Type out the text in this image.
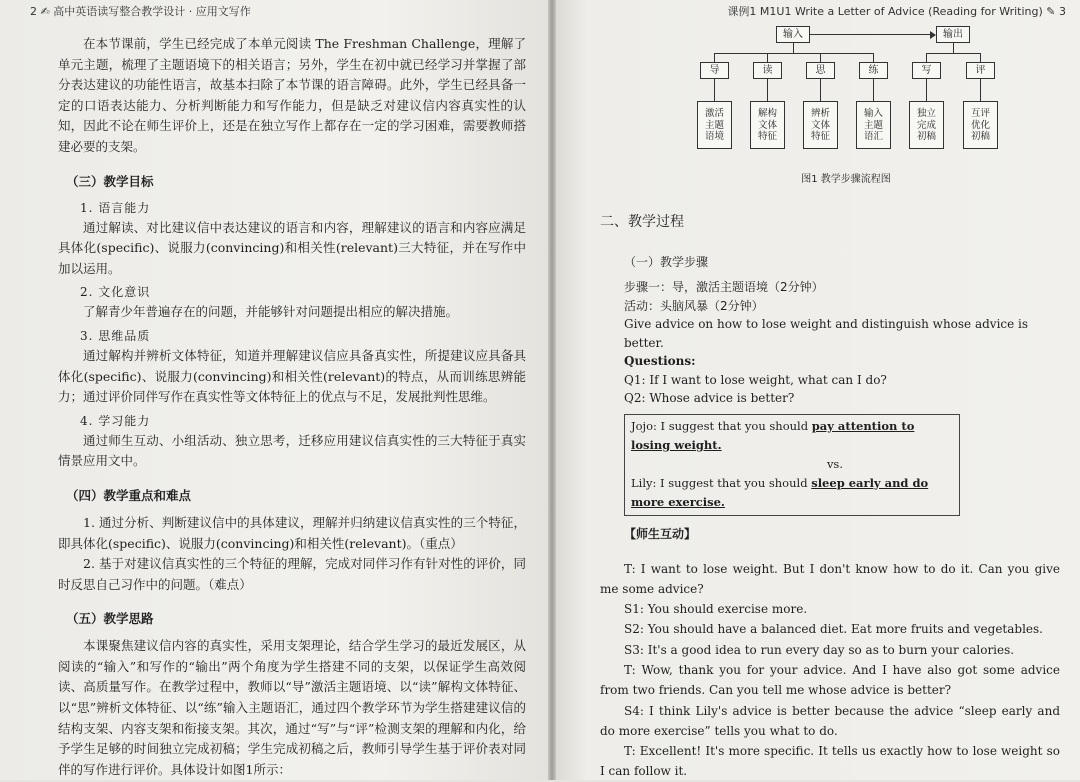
2 ✍ 高中英语读写整合教学设计 · 应用文写作

在本节课前，学生已经完成了本单元阅读 The Freshman Challenge，理解了单元主题，梳理了主题语境下的相关语言；另外，学生在初中就已经学习并掌握了部分表达建议的功能性语言，故基本扫除了本节课的语言障碍。此外，学生已经具备一定的口语表达能力、分析判断能力和写作能力，但是缺乏对建议信内容真实性的认知，因此不论在师生评价上，还是在独立写作上都存在一定的学习困难，需要教师搭建必要的支架。

（三）教学目标
1. 语言能力

通过解读、对比建议信中表达建议的语言和内容，理解建议的语言和内容应满足具体化(specific)、说服力(convincing)和相关性(relevant)三大特征，并在写作中加以运用。

2. 文化意识

了解青少年普遍存在的问题，并能够针对问题提出相应的解决措施。

3. 思维品质

通过解构并辨析文体特征，知道并理解建议信应具备真实性，所提建议应具备具体化(specific)、说服力(convincing)和相关性(relevant)的特点，从而训练思辨能力；通过评价同伴写作在真实性等文体特征上的优点与不足，发展批判性思维。

4. 学习能力

通过师生互动、小组活动、独立思考，迁移应用建议信真实性的三大特征于真实情景应用文中。

（四）教学重点和难点

1. 通过分析、判断建议信中的具体建议，理解并归纳建议信真实性的三个特征，即具体化(specific)、说服力(convincing)和相关性(relevant)。（重点）

2. 基于对建议信真实性的三个特征的理解，完成对同伴习作有针对性的评价，同时反思自己习作中的问题。（难点）

（五）教学思路

本课聚焦建议信内容的真实性，采用支架理论，结合学生学习的最近发展区，从阅读的“输入”和写作的“输出”两个角度为学生搭建不同的支架，以保证学生高效阅读、高质量写作。在教学过程中，教师以“导”激活主题语境、以“读”解构文体特征、以“思”辨析文体特征、以“练”输入主题语汇，通过四个教学环节为学生搭建建议信的结构支架、内容支架和衔接支架。其次，通过“写”与“评”检测支架的理解和内化，给予学生足够的时间独立完成初稿；学生完成初稿之后，教师引导学生基于评价表对同伴的写作进行评价。具体设计如图1所示：

课例1 M1U1 Write a Letter of Advice (Reading for Writing) ✎ 3
输入	输出
导	读	思	练	写	评
激活
主题
语境
解构
文体
特征
辨析
文体
特征
输入
主题
语汇
独立
完成
初稿
互评
优化
初稿
图1 教学步骤流程图
二、教学过程
（一）教学步骤
步骤一：导，激活主题语境（2分钟）
活动：头脑风暴（2分钟）
Give advice on how to lose weight and distinguish whose advice is better.
Questions:
Q1: If I want to lose weight, what can I do?
Q2: Whose advice is better?
Jojo: I suggest that you should pay attention to losing weight.
vs.
Lily: I suggest that you should sleep early and do more exercise.
【师生互动】

T: I want to lose weight. But I don't know how to do it. Can you give me some advice?

S1: You should exercise more.

S2: You should have a balanced diet. Eat more fruits and vegetables.

S3: It's a good idea to run every day so as to burn your calories.

T: Wow, thank you for your advice. And I have also got some advice from two friends. Can you tell me whose advice is better?

S4: I think Lily's advice is better because the advice “sleep early and do more exercise” tells you what to do.

T: Excellent! It's more specific. It tells us exactly how to lose weight so I can follow it.
